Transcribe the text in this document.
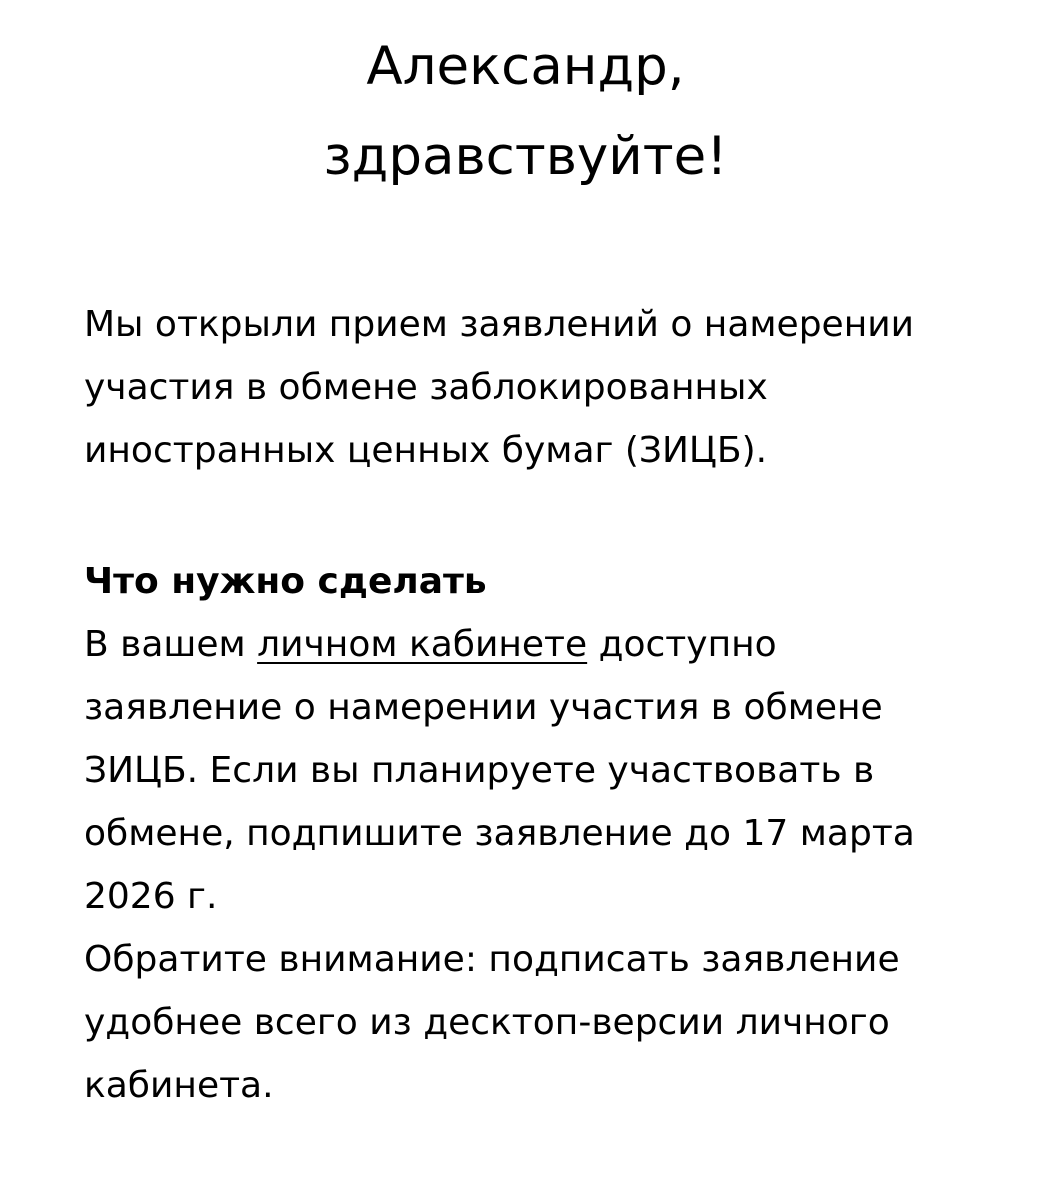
Александр,
здравствуйте!

Мы открыли прием заявлений о намерении участия в обмене заблокированных иностранных ценных бумаг (ЗИЦБ).

Что нужно сделать

В вашем личном кабинете доступно заявление о намерении участия в обмене ЗИЦБ. Если вы планируете участвовать в обмене, подпишите заявление до 17 марта 2026 г.

Обратите внимание: подписать заявление удобнее всего из десктоп-версии личного кабинета.
